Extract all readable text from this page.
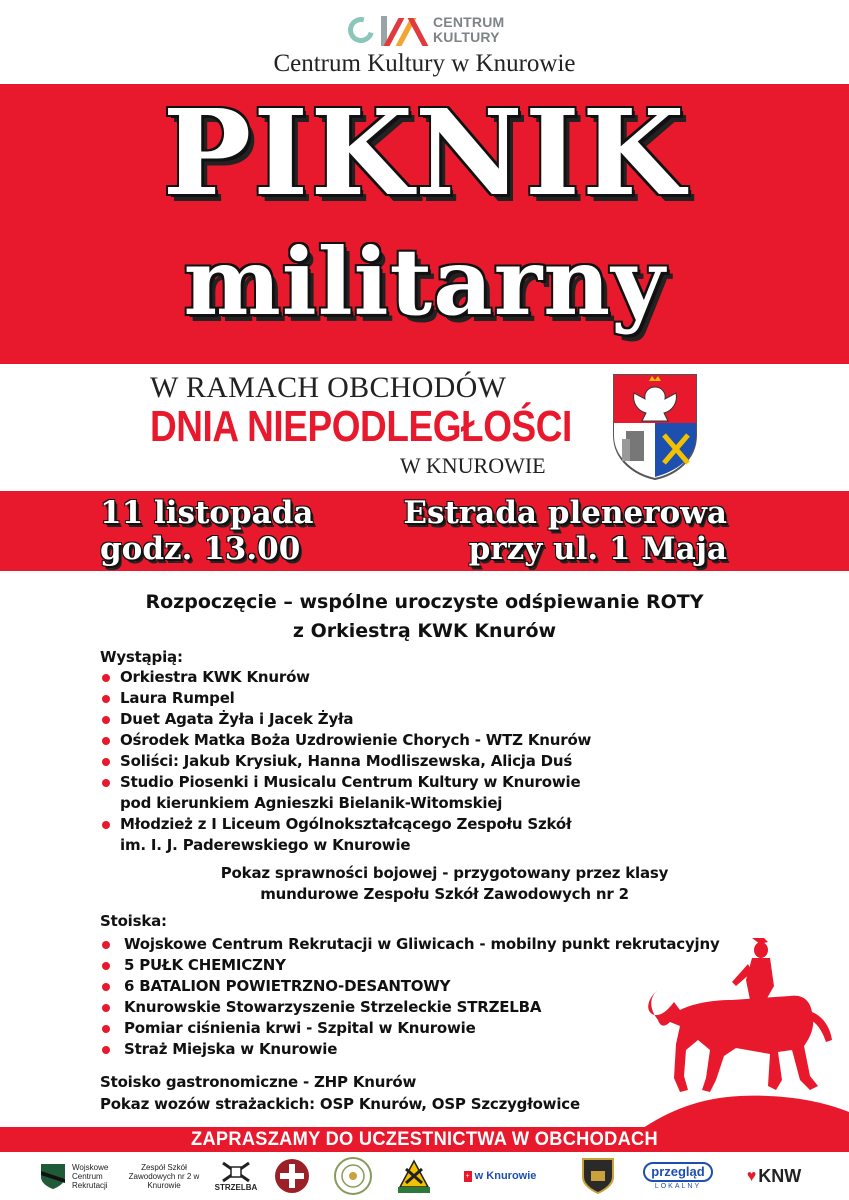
CENTRUM
KULTURY
Centrum Kultury w Knurowie
PIKNIK
militarny
W RAMACH OBCHODÓW
DNIA NIEPODLEGŁOŚCI
W KNUROWIE
11 listopada
godz. 13.00
Estrada plenerowa
przy ul. 1 Maja
Rozpoczęcie – wspólne uroczyste odśpiewanie ROTY
z Orkiestrą KWK Knurów
Wystąpią:
Orkiestra KWK Knurów
Laura Rumpel
Duet Agata Żyła i Jacek Żyła
Ośrodek Matka Boża Uzdrowienie Chorych - WTZ Knurów
Soliści: Jakub Krysiuk, Hanna Modliszewska, Alicja Duś
Studio Piosenki i Musicalu Centrum Kultury w Knurowie
pod kierunkiem Agnieszki Bielanik-Witomskiej
Młodzież z I Liceum Ogólnokształcącego Zespołu Szkół
im. I. J. Paderewskiego w Knurowie
Pokaz sprawności bojowej - przygotowany przez klasy
mundurowe Zespołu Szkół Zawodowych nr 2
Stoiska:
Wojskowe Centrum Rekrutacji w Gliwicach - mobilny punkt rekrutacyjny
5 PUŁK CHEMICZNY
6 BATALION POWIETRZNO-DESANTOWY
Knurowskie Stowarzyszenie Strzeleckie STRZELBA
Pomiar ciśnienia krwi - Szpital w Knurowie
Straż Miejska w Knurowie
Stoisko gastronomiczne - ZHP Knurów
Pokaz wozów strażackich: OSP Knurów, OSP Szczygłowice
ZAPRASZAMY DO UCZESTNICTWA W OBCHODACH
Wojskowe Centrum Rekrutacji
Zespół Szkół Zawodowych nr 2 w Knurowie	STRZELBA
+ w Knurowie	przegląd
LOKALNY
♥ KNW
